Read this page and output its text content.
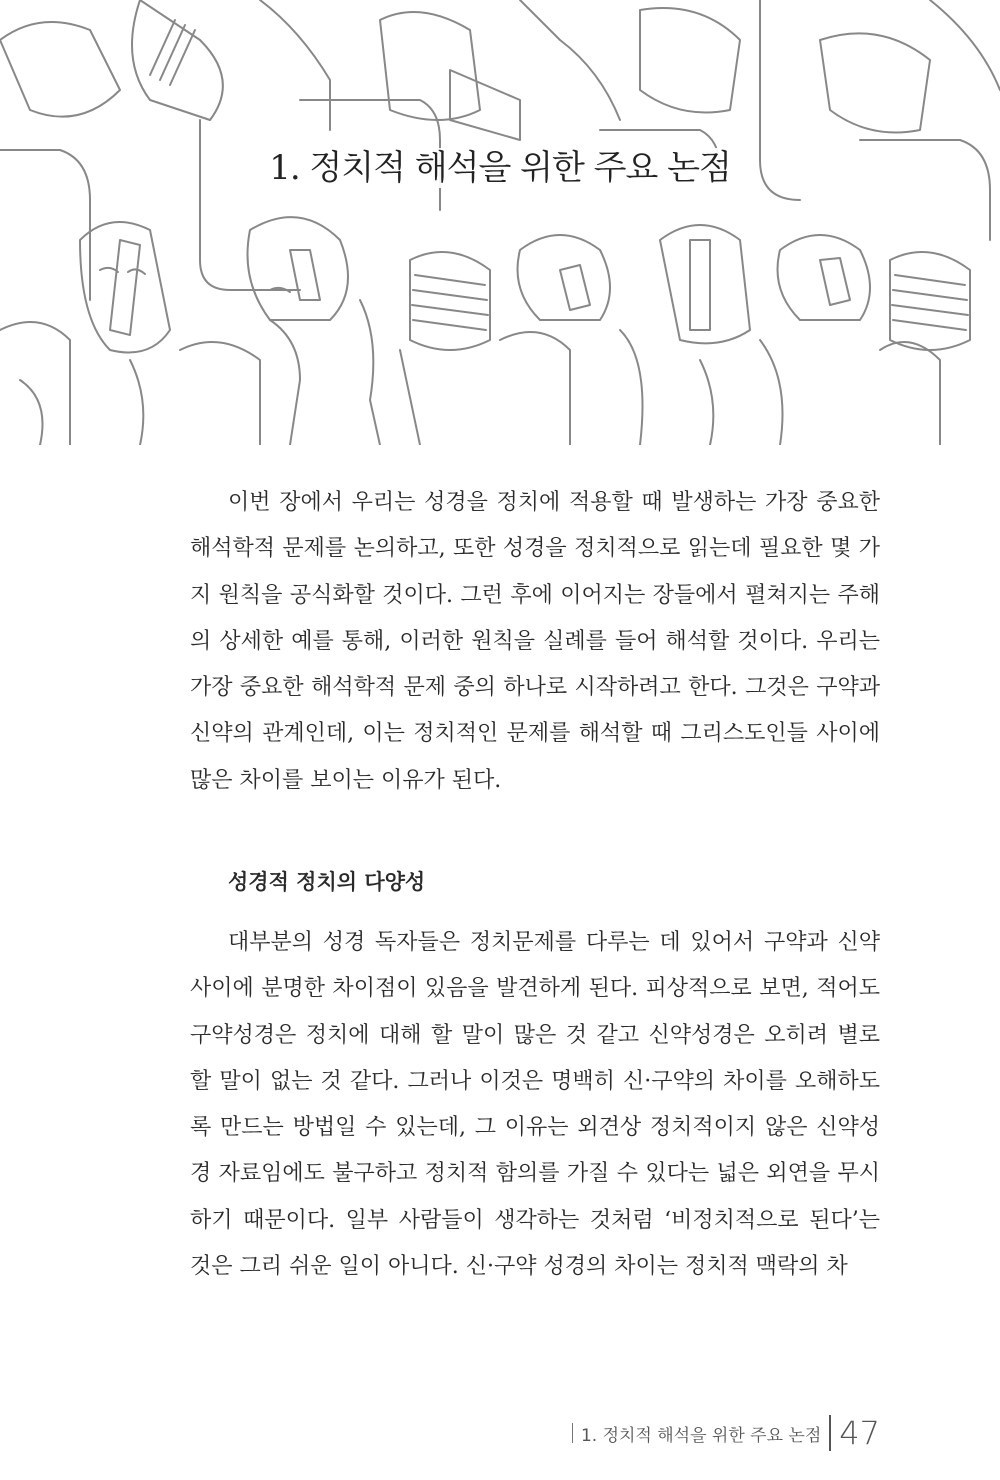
1. 정치적 해석을 위한 주요 논점

이번 장에서 우리는 성경을 정치에 적용할 때 발생하는 가장 중요한 해석학적 문제를 논의하고, 또한 성경을 정치적으로 읽는데 필요한 몇 가지 원칙을 공식화할 것이다. 그런 후에 이어지는 장들에서 펼쳐지는 주해의 상세한 예를 통해, 이러한 원칙을 실례를 들어 해석할 것이다. 우리는 가장 중요한 해석학적 문제 중의 하나로 시작하려고 한다. 그것은 구약과 신약의 관계인데, 이는 정치적인 문제를 해석할 때 그리스도인들 사이에 많은 차이를 보이는 이유가 된다.

성경적 정치의 다양성

대부분의 성경 독자들은 정치문제를 다루는 데 있어서 구약과 신약 사이에 분명한 차이점이 있음을 발견하게 된다. 피상적으로 보면, 적어도 구약성경은 정치에 대해 할 말이 많은 것 같고 신약성경은 오히려 별로 할 말이 없는 것 같다. 그러나 이것은 명백히 신·구약의 차이를 오해하도록 만드는 방법일 수 있는데, 그 이유는 외견상 정치적이지 않은 신약성경 자료임에도 불구하고 정치적 함의를 가질 수 있다는 넓은 외연을 무시하기 때문이다. 일부 사람들이 생각하는 것처럼 ‘비정치적으로 된다’는 것은 그리 쉬운 일이 아니다. 신·구약 성경의 차이는 정치적 맥락의 차

1. 정치적 해석을 위한 주요 논점 47
